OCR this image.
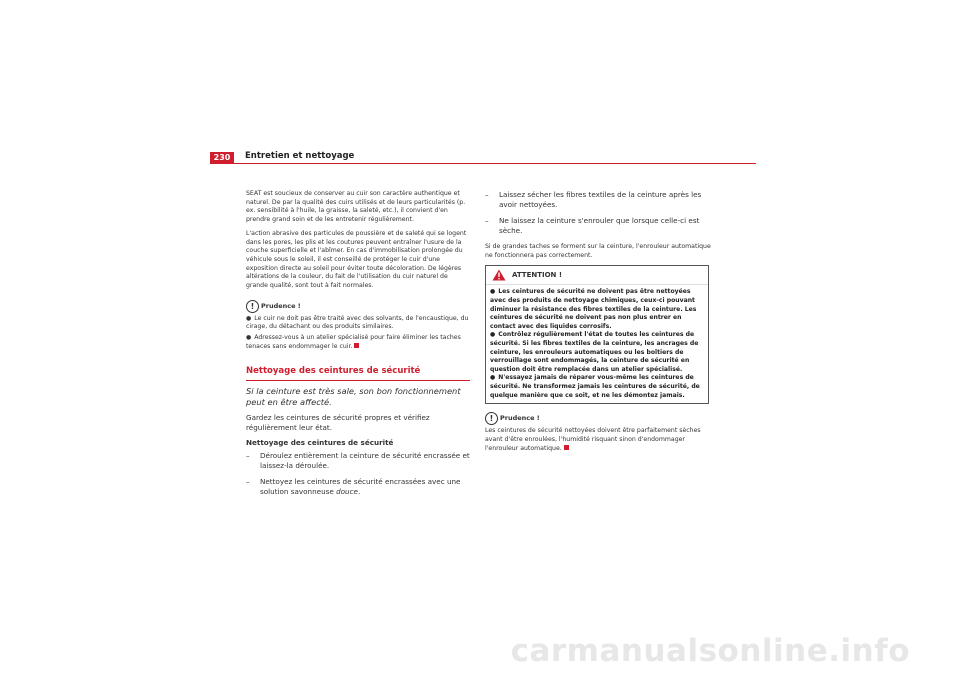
230	Entretien et nettoyage

SEAT est soucieux de conserver au cuir son caractère authentique et naturel. De par la qualité des cuirs utilisés et de leurs particularités (p. ex. sensibilité à l'huile, la graisse, la saleté, etc.), il convient d'en prendre grand soin et de les entretenir régulièrement.

L'action abrasive des particules de poussière et de saleté qui se logent dans les pores, les plis et les coutures peuvent entraîner l'usure de la couche superficielle et l'abîmer. En cas d'immobilisation prolongée du véhicule sous le soleil, il est conseillé de protéger le cuir d'une exposition directe au soleil pour éviter toute décoloration. De légères altérations de la couleur, du fait de l'utilisation du cuir naturel de grande qualité, sont tout à fait normales.

!	Prudence !

● Le cuir ne doit pas être traité avec des solvants, de l'encaustique, du cirage, du détachant ou des produits similaires.

● Adressez-vous à un atelier spécialisé pour faire éliminer les taches tenaces sans endommager le cuir.

Nettoyage des ceintures de sécurité
Si la ceinture est très sale, son bon fonctionnement peut en être affecté.
Gardez les ceintures de sécurité propres et vérifiez régulièrement leur état.
Nettoyage des ceintures de sécurité
– Déroulez entièrement la ceinture de sécurité encrassée et laissez-la déroulée.
– Nettoyez les ceintures de sécurité encrassées avec une solution savonneuse douce.
– Laissez sécher les fibres textiles de la ceinture après les avoir nettoyées.
– Ne laissez la ceinture s'enrouler que lorsque celle-ci est sèche.

Si de grandes taches se forment sur la ceinture, l'enrouleur automatique ne fonctionnera pas correctement.

ATTENTION !

● Les ceintures de sécurité ne doivent pas être nettoyées avec des produits de nettoyage chimiques, ceux-ci pouvant diminuer la résistance des fibres textiles de la ceinture. Les ceintures de sécurité ne doivent pas non plus entrer en contact avec des liquides corrosifs.

● Contrôlez régulièrement l'état de toutes les ceintures de sécurité. Si les fibres textiles de la ceinture, les ancrages de ceinture, les enrouleurs automatiques ou les boîtiers de verrouillage sont endommagés, la ceinture de sécurité en question doit être remplacée dans un atelier spécialisé.

● N'essayez jamais de réparer vous-même les ceintures de sécurité. Ne transformez jamais les ceintures de sécurité, de quelque manière que ce soit, et ne les démontez jamais.

!	Prudence !

Les ceintures de sécurité nettoyées doivent être parfaitement sèches avant d'être enroulées, l'humidité risquant sinon d'endommager l'enrouleur automatique.

carmanualsonline.info
